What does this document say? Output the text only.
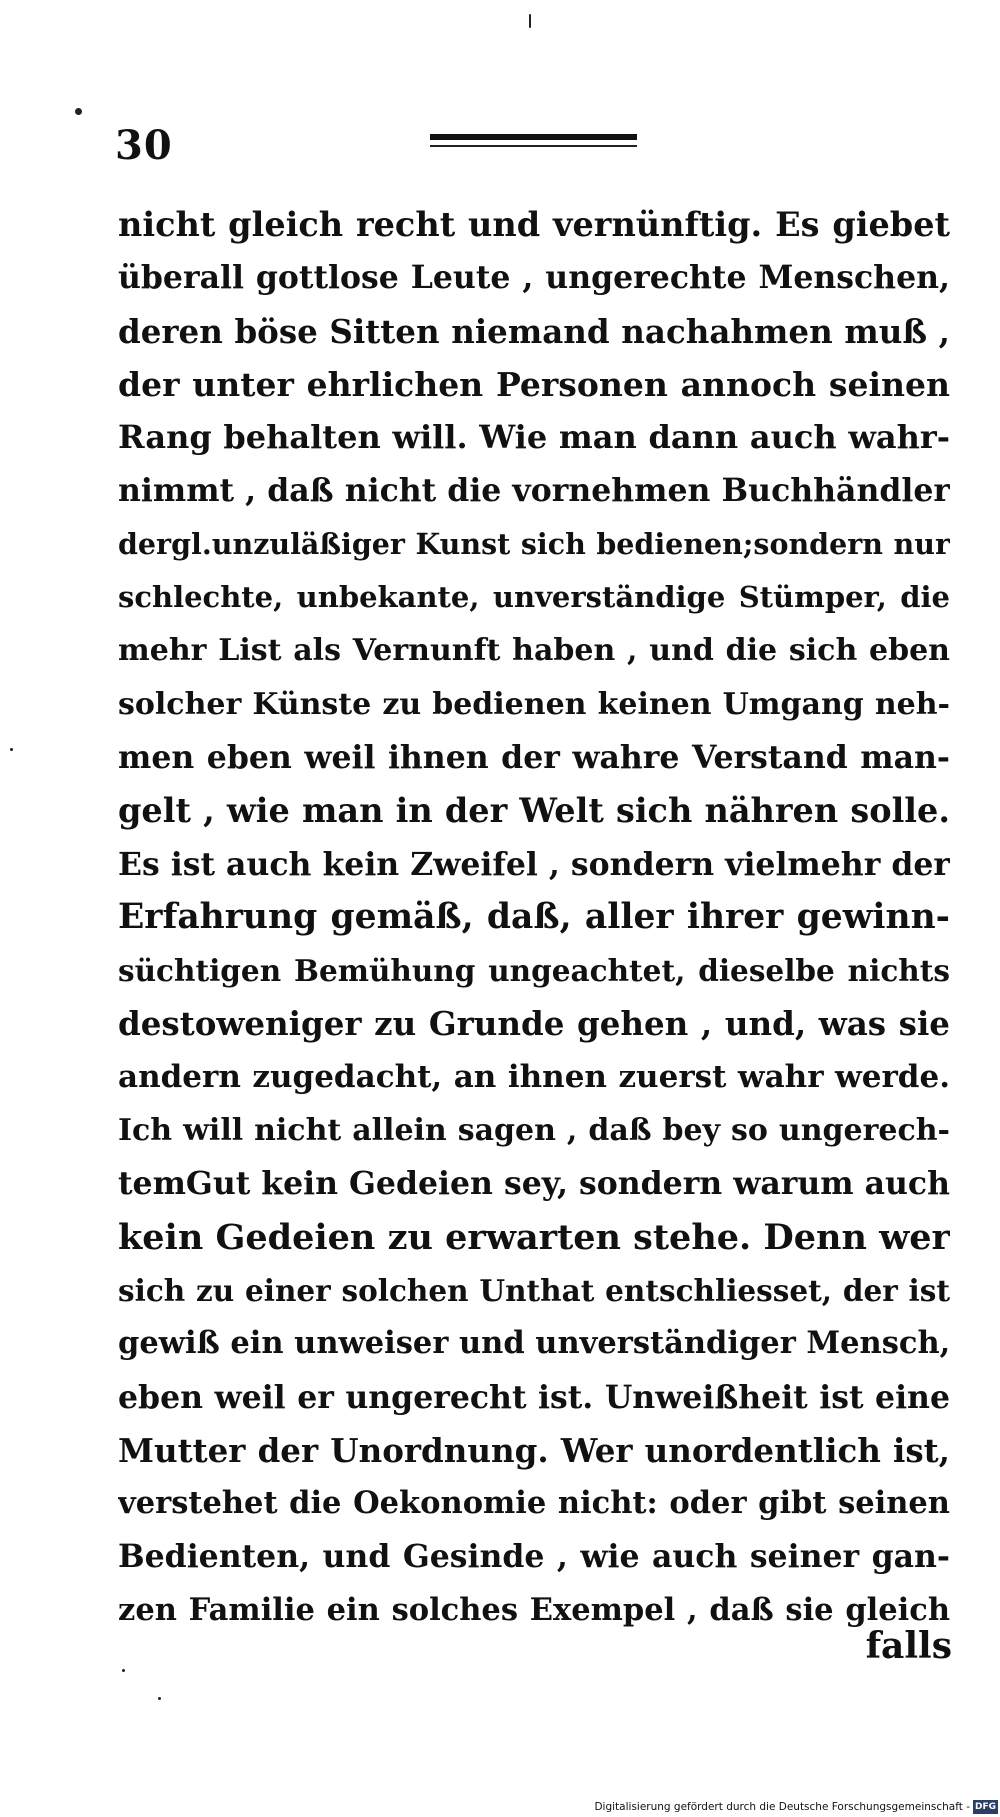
30
nicht gleich recht und vernünftig. Es giebet
überall gottlose Leute , ungerechte Menschen,
deren böse Sitten niemand nachahmen muß ,
der unter ehrlichen Personen annoch seinen
Rang behalten will. Wie man dann auch wahr-
nimmt , daß nicht die vornehmen Buchhändler
dergl.unzuläßiger Kunst sich bedienen;sondern nur
schlechte, unbekante, unverständige Stümper, die
mehr List als Vernunft haben , und die sich eben
solcher Künste zu bedienen keinen Umgang neh-
men eben weil ihnen der wahre Verstand man-
gelt , wie man in der Welt sich nähren solle.
Es ist auch kein Zweifel , sondern vielmehr der
Erfahrung gemäß, daß, aller ihrer gewinn-
süchtigen Bemühung ungeachtet, dieselbe nichts
destoweniger zu Grunde gehen , und, was sie
andern zugedacht, an ihnen zuerst wahr werde.
Ich will nicht allein sagen , daß bey so ungerech-
temGut kein Gedeien sey, sondern warum auch
kein Gedeien zu erwarten stehe. Denn wer
sich zu einer solchen Unthat entschliesset, der ist
gewiß ein unweiser und unverständiger Mensch,
eben weil er ungerecht ist. Unweißheit ist eine
Mutter der Unordnung. Wer unordentlich ist,
verstehet die Oekonomie nicht: oder gibt seinen
Bedienten, und Gesinde , wie auch seiner gan-
zen Familie ein solches Exempel , daß sie gleich
falls
Digitalisierung gefördert durch die Deutsche Forschungsgemeinschaft - DFG
